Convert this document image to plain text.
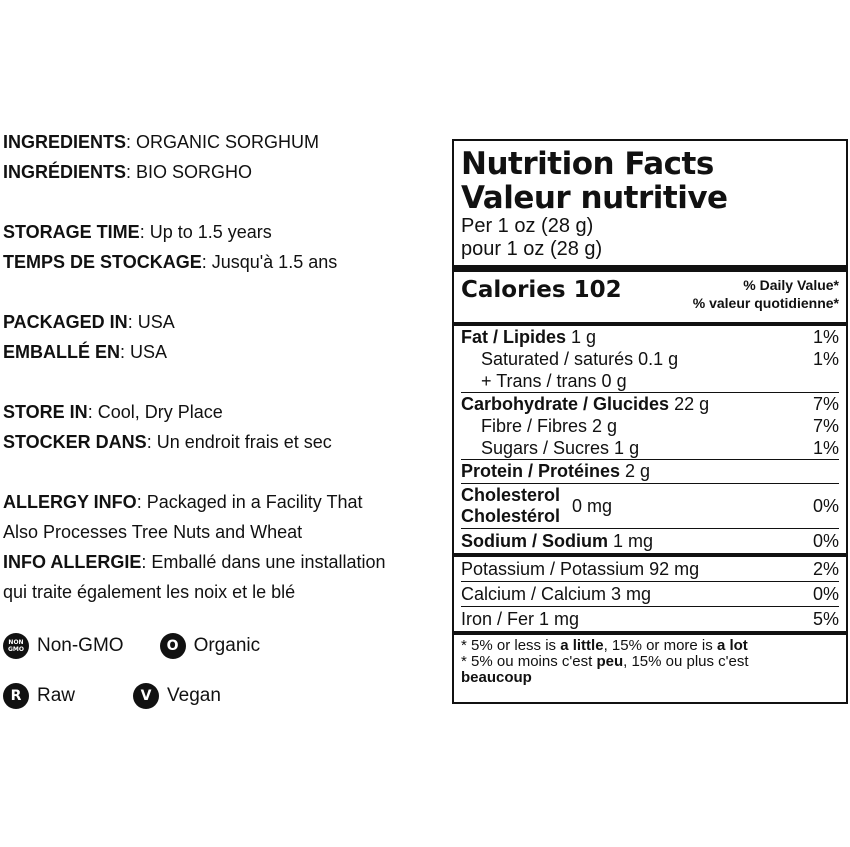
INGREDIENTS: ORGANIC SORGHUM
INGRÉDIENTS: BIO SORGHO
STORAGE TIME: Up to 1.5 years
TEMPS DE STOCKAGE: Jusqu'à 1.5 ans
PACKAGED IN: USA
EMBALLÉ EN: USA
STORE IN: Cool, Dry Place
STOCKER DANS: Un endroit frais et sec
ALLERGY INFO: Packaged in a Facility That
Also Processes Tree Nuts and Wheat
INFO ALLERGIE: Emballé dans une installation
qui traite également les noix et le blé
NON
GMO Non-GMO	O Organic
R Raw	V Vegan
Nutrition Facts
Valeur nutritive
Per 1 oz (28 g)
pour 1 oz (28 g)
Calories 102	% Daily Value*
% valeur quotidienne*
Fat / Lipides 1 g	1%
Saturated / saturés 0.1 g	1%
+ Trans / trans 0 g
Carbohydrate / Glucides 22 g	7%
Fibre / Fibres 2 g	7%
Sugars / Sucres 1 g	1%
Protein / Protéines 2 g
Cholesterol
Cholestérol
0 mg	0%
Sodium / Sodium 1 mg	0%
Potassium / Potassium 92 mg	2%
Calcium / Calcium 3 mg	0%
Iron / Fer 1 mg	5%
* 5% or less is a little, 15% or more is a lot
* 5% ou moins c'est peu, 15% ou plus c'est
beaucoup
